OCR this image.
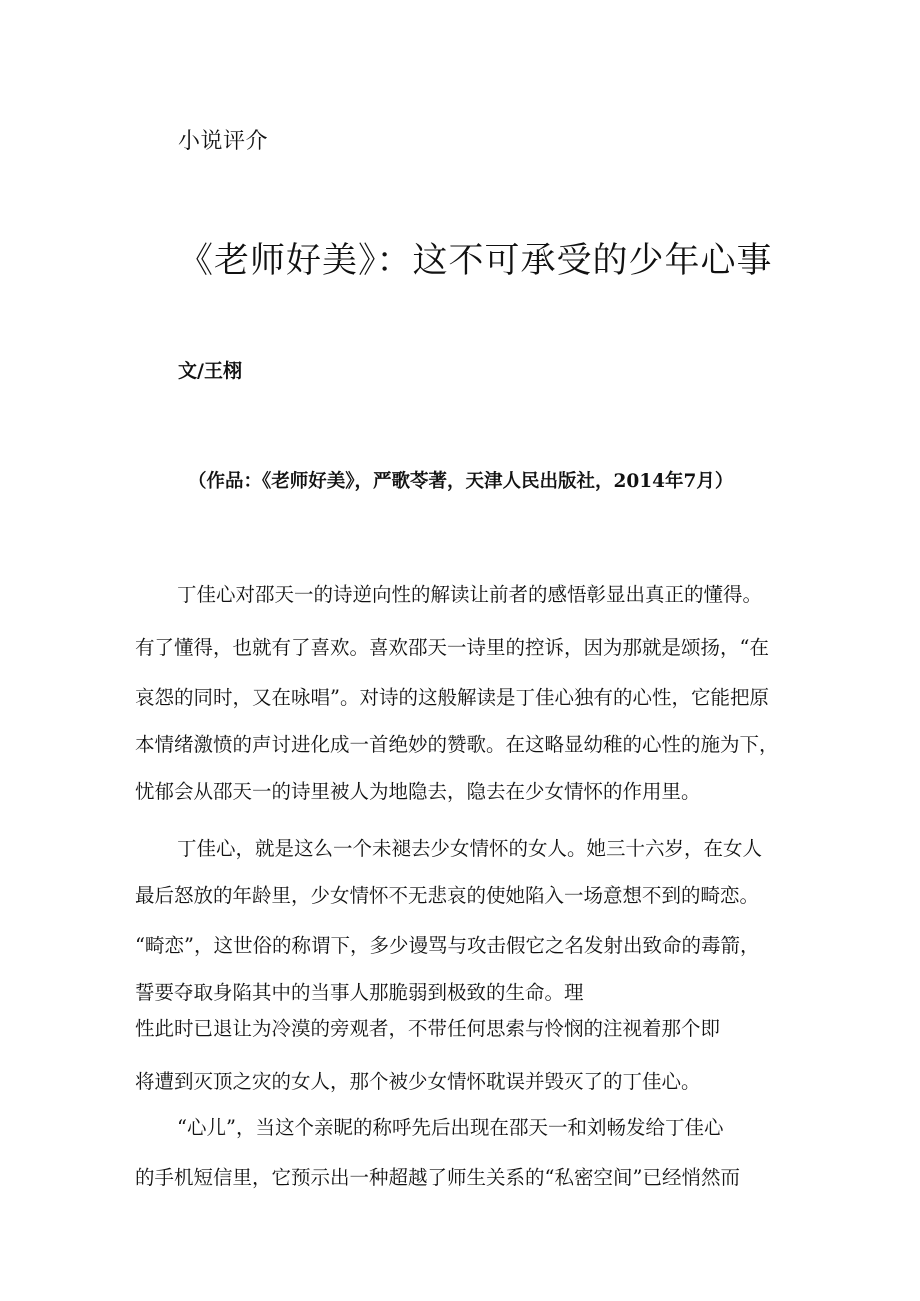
小说评介
《老师好美》：这不可承受的少年心事
文/王栩
（作品：《老师好美》，严歌苓著，天津人民出版社，2014年7月）
丁佳心对邵天一的诗逆向性的解读让前者的感悟彰显出真正的懂得。
有了懂得，也就有了喜欢。喜欢邵天一诗里的控诉，因为那就是颂扬，“在
哀怨的同时，又在咏唱”。对诗的这般解读是丁佳心独有的心性，它能把原
本情绪激愤的声讨进化成一首绝妙的赞歌。在这略显幼稚的心性的施为下，
忧郁会从邵天一的诗里被人为地隐去，隐去在少女情怀的作用里。
丁佳心，就是这么一个未褪去少女情怀的女人。她三十六岁，在女人
最后怒放的年龄里，少女情怀不无悲哀的使她陷入一场意想不到的畸恋。
“畸恋”，这世俗的称谓下，多少谩骂与攻击假它之名发射出致命的毒箭，
誓要夺取身陷其中的当事人那脆弱到极致的生命。理
性此时已退让为冷漠的旁观者，不带任何思索与怜悯的注视着那个即
将遭到灭顶之灾的女人，那个被少女情怀耽误并毁灭了的丁佳心。
“心儿”，当这个亲昵的称呼先后出现在邵天一和刘畅发给丁佳心
的手机短信里，它预示出一种超越了师生关系的“私密空间”已经悄然而
